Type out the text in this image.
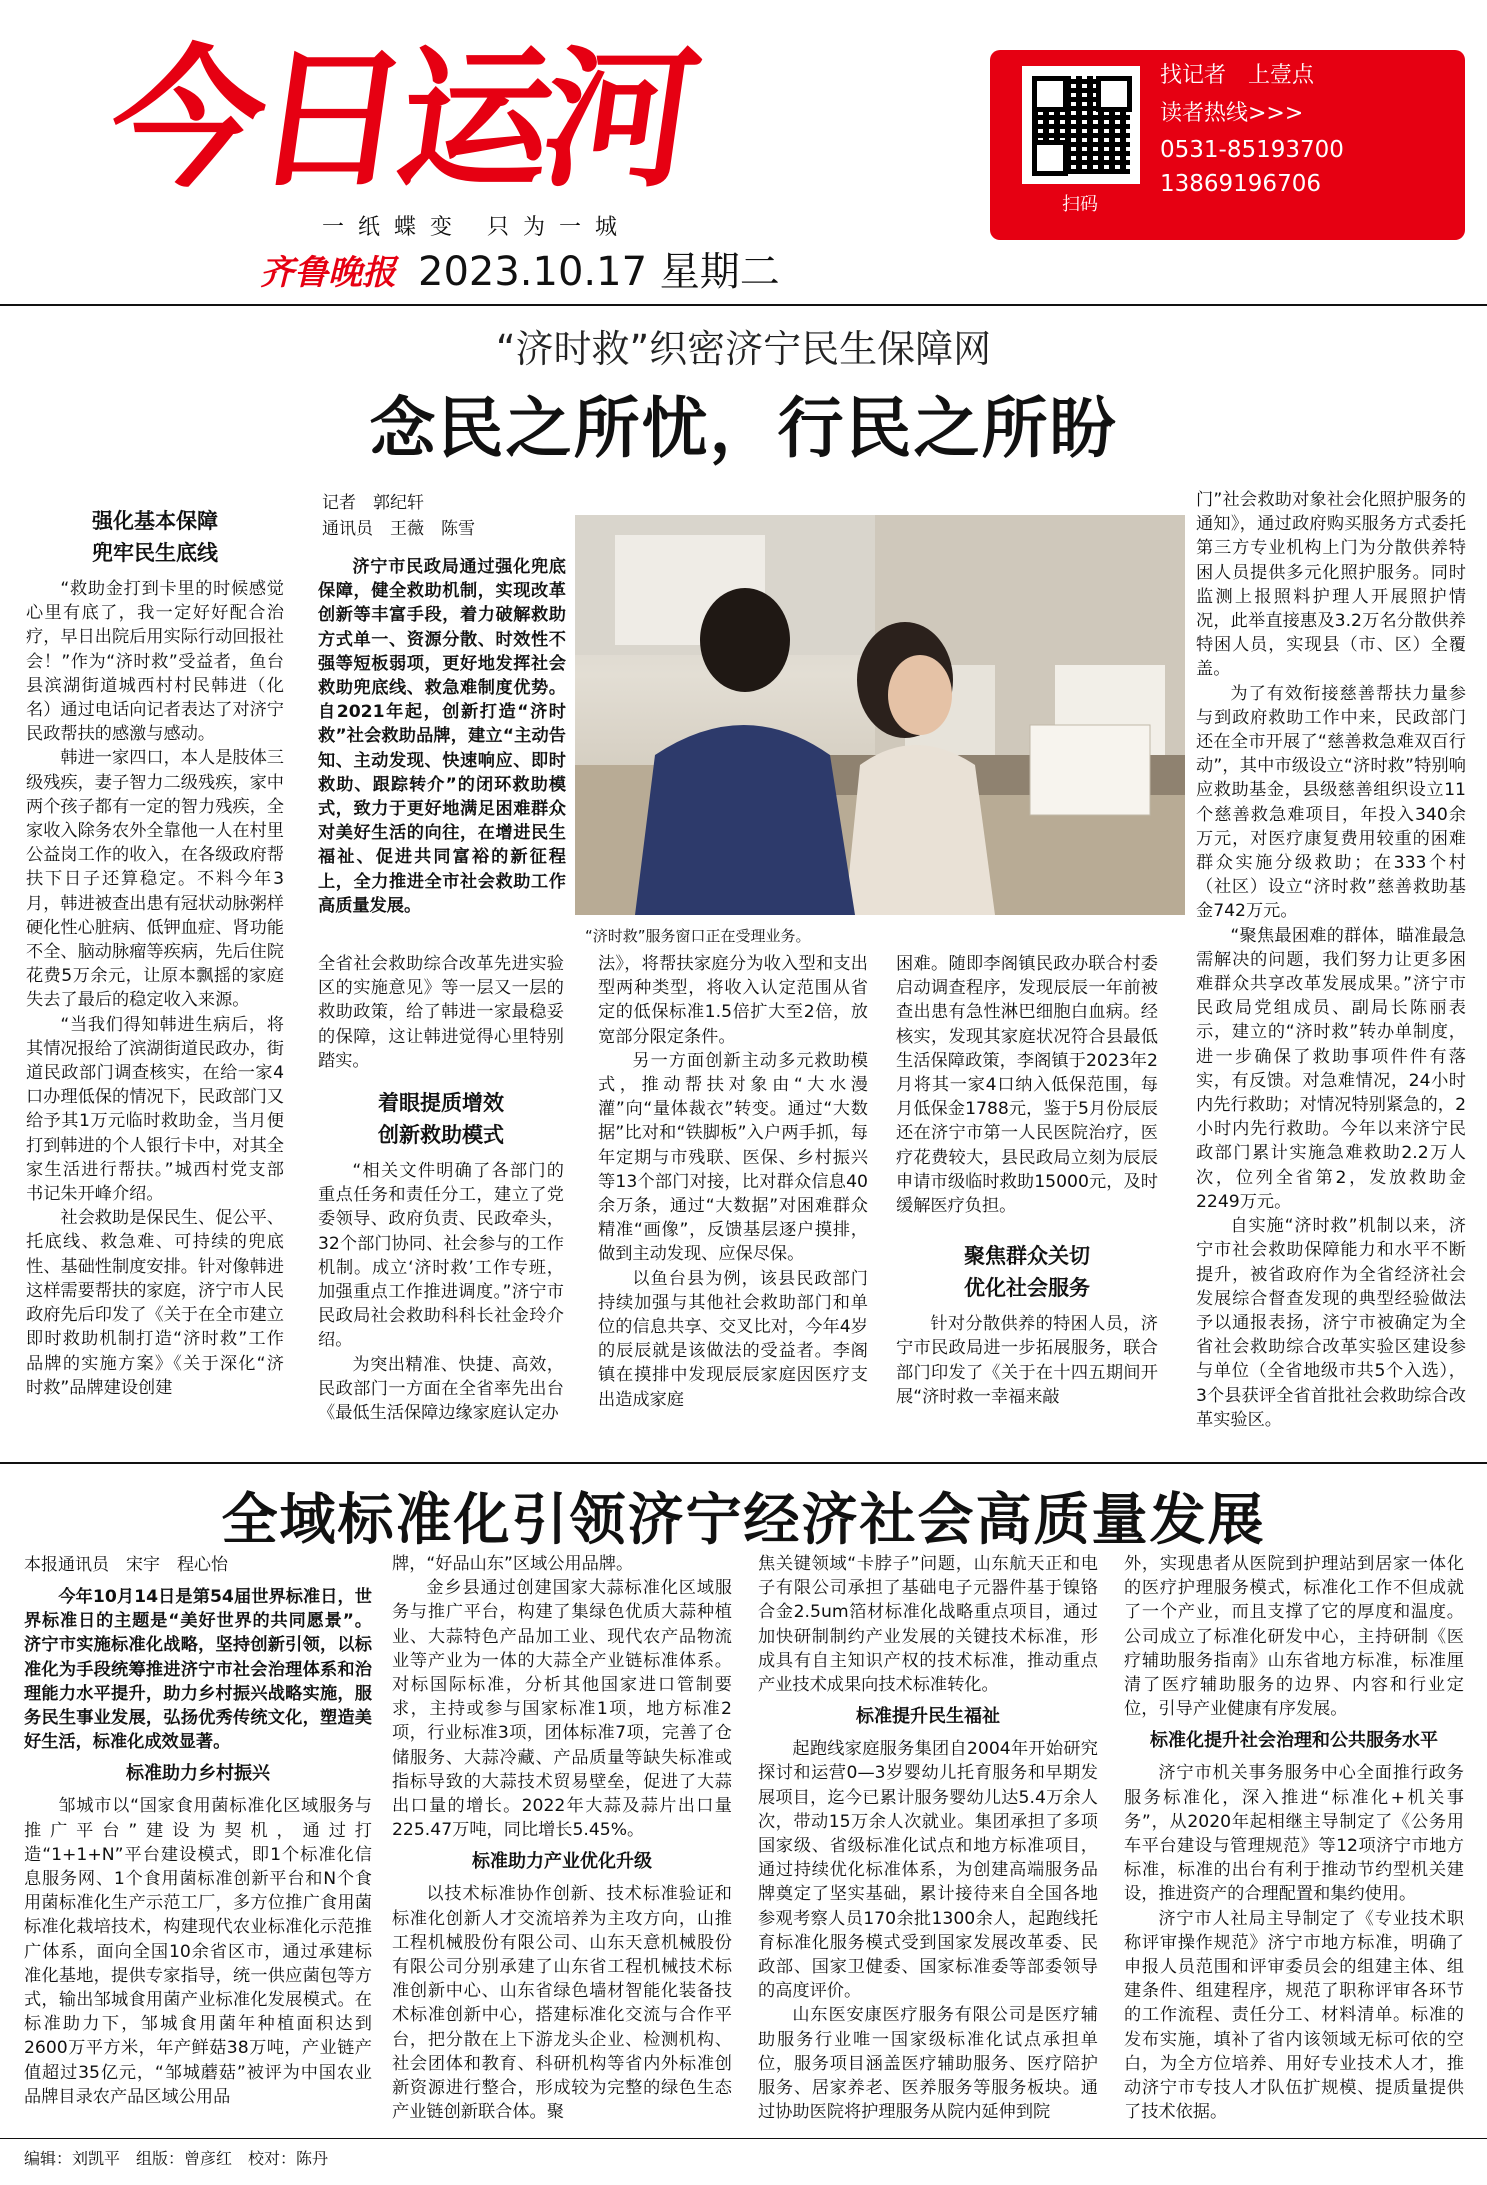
今日运河
一纸蝶变 只为一城
齐鲁晚报 2023.10.17 星期二
扫码
找记者　上壹点
读者热线>>>
0531-85193700
13869196706
“济时救”织密济宁民生保障网
念民之所忧，行民之所盼
强化基本保障
兜牢民生底线

“救助金打到卡里的时候感觉心里有底了，我一定好好配合治疗，早日出院后用实际行动回报社会！”作为“济时救”受益者，鱼台县滨湖街道城西村村民韩进（化名）通过电话向记者表达了对济宁民政帮扶的感激与感动。

韩进一家四口，本人是肢体三级残疾，妻子智力二级残疾，家中两个孩子都有一定的智力残疾，全家收入除务农外全靠他一人在村里公益岗工作的收入，在各级政府帮扶下日子还算稳定。不料今年3月，韩进被查出患有冠状动脉粥样硬化性心脏病、低钾血症、肾功能不全、脑动脉瘤等疾病，先后住院花费5万余元，让原本飘摇的家庭失去了最后的稳定收入来源。

“当我们得知韩进生病后，将其情况报给了滨湖街道民政办，街道民政部门调查核实，在给一家4口办理低保的情况下，民政部门又给予其1万元临时救助金，当月便打到韩进的个人银行卡中，对其全家生活进行帮扶。”城西村党支部书记朱开峰介绍。

社会救助是保民生、促公平、托底线、救急难、可持续的兜底性、基础性制度安排。针对像韩进这样需要帮扶的家庭，济宁市人民政府先后印发了《关于在全市建立即时救助机制打造“济时救”工作品牌的实施方案》《关于深化“济时救”品牌建设创建

记者　郭纪轩
通讯员　王薇　陈雪

济宁市民政局通过强化兜底保障，健全救助机制，实现改革创新等丰富手段，着力破解救助方式单一、资源分散、时效性不强等短板弱项，更好地发挥社会救助兜底线、救急难制度优势。自2021年起，创新打造“济时救”社会救助品牌，建立“主动告知、主动发现、快速响应、即时救助、跟踪转介”的闭环救助模式，致力于更好地满足困难群众对美好生活的向往，在增进民生福祉、促进共同富裕的新征程上，全力推进全市社会救助工作高质量发展。

“济时救”服务窗口正在受理业务。

全省社会救助综合改革先进实验区的实施意见》等一层又一层的救助政策，给了韩进一家最稳妥的保障，这让韩进觉得心里特别踏实。

着眼提质增效
创新救助模式

“相关文件明确了各部门的重点任务和责任分工，建立了党委领导、政府负责、民政牵头，32个部门协同、社会参与的工作机制。成立‘济时救’工作专班，加强重点工作推进调度。”济宁市民政局社会救助科科长社金玲介绍。

为突出精准、快捷、高效，民政部门一方面在全省率先出台《最低生活保障边缘家庭认定办

法》，将帮扶家庭分为收入型和支出型两种类型，将收入认定范围从省定的低保标准1.5倍扩大至2倍，放宽部分限定条件。

另一方面创新主动多元救助模式，推动帮扶对象由“大水漫灌”向“量体裁衣”转变。通过“大数据”比对和“铁脚板”入户两手抓，每年定期与市残联、医保、乡村振兴等13个部门对接，比对群众信息40余万条，通过“大数据”对困难群众精准“画像”，反馈基层逐户摸排，做到主动发现、应保尽保。

以鱼台县为例，该县民政部门持续加强与其他社会救助部门和单位的信息共享、交叉比对，今年4岁的辰辰就是该做法的受益者。李阁镇在摸排中发现辰辰家庭因医疗支出造成家庭

困难。随即李阁镇民政办联合村委启动调查程序，发现辰辰一年前被查出患有急性淋巴细胞白血病。经核实，发现其家庭状况符合县最低生活保障政策，李阁镇于2023年2月将其一家4口纳入低保范围，每月低保金1788元，鉴于5月份辰辰还在济宁市第一人民医院治疗，医疗花费较大，县民政局立刻为辰辰申请市级临时救助15000元，及时缓解医疗负担。

聚焦群众关切
优化社会服务

针对分散供养的特困人员，济宁市民政局进一步拓展服务，联合部门印发了《关于在十四五期间开展“济时救一幸福来敲

门”社会救助对象社会化照护服务的通知》，通过政府购买服务方式委托第三方专业机构上门为分散供养特困人员提供多元化照护服务。同时监测上报照料护理人开展照护情况，此举直接惠及3.2万名分散供养特困人员，实现县（市、区）全覆盖。

为了有效衔接慈善帮扶力量参与到政府救助工作中来，民政部门还在全市开展了“慈善救急难双百行动”，其中市级设立“济时救”特别响应救助基金，县级慈善组织设立11个慈善救急难项目，年投入340余万元，对医疗康复费用较重的困难群众实施分级救助；在333个村（社区）设立“济时救”慈善救助基金742万元。

“聚焦最困难的群体，瞄准最急需解决的问题，我们努力让更多困难群众共享改革发展成果。”济宁市民政局党组成员、副局长陈丽表示，建立的“济时救”转办单制度，进一步确保了救助事项件件有落实，有反馈。对急难情况，24小时内先行救助；对情况特别紧急的，2小时内先行救助。今年以来济宁民政部门累计实施急难救助2.2万人次，位列全省第2，发放救助金2249万元。

自实施“济时救”机制以来，济宁市社会救助保障能力和水平不断提升，被省政府作为全省经济社会发展综合督查发现的典型经验做法予以通报表扬，济宁市被确定为全省社会救助综合改革实验区建设参与单位（全省地级市共5个入选），3个县获评全省首批社会救助综合改革实验区。

全域标准化引领济宁经济社会高质量发展
本报通讯员　宋宇　程心怡

今年10月14日是第54届世界标准日，世界标准日的主题是“美好世界的共同愿景”。济宁市实施标准化战略，坚持创新引领，以标准化为手段统筹推进济宁市社会治理体系和治理能力水平提升，助力乡村振兴战略实施，服务民生事业发展，弘扬优秀传统文化，塑造美好生活，标准化成效显著。

标准助力乡村振兴

邹城市以“国家食用菌标准化区域服务与推广平台”建设为契机，通过打造“1+1+N”平台建设模式，即1个标准化信息服务网、1个食用菌标准创新平台和N个食用菌标准化生产示范工厂，多方位推广食用菌标准化栽培技术，构建现代农业标准化示范推广体系，面向全国10余省区市，通过承建标准化基地，提供专家指导，统一供应菌包等方式，输出邹城食用菌产业标准化发展模式。在标准助力下，邹城食用菌年种植面积达到2600万平方米，年产鲜菇38万吨，产业链产值超过35亿元，“邹城蘑菇”被评为中国农业品牌目录农产品区域公用品

牌，“好品山东”区域公用品牌。

金乡县通过创建国家大蒜标准化区域服务与推广平台，构建了集绿色优质大蒜种植业、大蒜特色产品加工业、现代农产品物流业等产业为一体的大蒜全产业链标准体系。对标国际标准，分析其他国家进口管制要求，主持或参与国家标准1项，地方标准2项，行业标准3项，团体标准7项，完善了仓储服务、大蒜冷藏、产品质量等缺失标准或指标导致的大蒜技术贸易壁垒，促进了大蒜出口量的增长。2022年大蒜及蒜片出口量225.47万吨，同比增长5.45%。

标准助力产业优化升级

以技术标准协作创新、技术标准验证和标准化创新人才交流培养为主攻方向，山推工程机械股份有限公司、山东天意机械股份有限公司分别承建了山东省工程机械技术标准创新中心、山东省绿色墙材智能化装备技术标准创新中心，搭建标准化交流与合作平台，把分散在上下游龙头企业、检测机构、社会团体和教育、科研机构等省内外标准创新资源进行整合，形成较为完整的绿色生态产业链创新联合体。聚

焦关键领域“卡脖子”问题，山东航天正和电子有限公司承担了基础电子元器件基于镍铬合金2.5um箔材标准化战略重点项目，通过加快研制制约产业发展的关键技术标准，形成具有自主知识产权的技术标准，推动重点产业技术成果向技术标准转化。

标准提升民生福祉

起跑线家庭服务集团自2004年开始研究探讨和运营0—3岁婴幼儿托育服务和早期发展项目，迄今已累计服务婴幼儿达5.4万余人次，带动15万余人次就业。集团承担了多项国家级、省级标准化试点和地方标准项目，通过持续优化标准体系，为创建高端服务品牌奠定了坚实基础，累计接待来自全国各地参观考察人员170余批1300余人，起跑线托育标准化服务模式受到国家发展改革委、民政部、国家卫健委、国家标准委等部委领导的高度评价。

山东医安康医疗服务有限公司是医疗辅助服务行业唯一国家级标准化试点承担单位，服务项目涵盖医疗辅助服务、医疗陪护服务、居家养老、医养服务等服务板块。通过协助医院将护理服务从院内延伸到院

外，实现患者从医院到护理站到居家一体化的医疗护理服务模式，标准化工作不但成就了一个产业，而且支撑了它的厚度和温度。公司成立了标准化研发中心，主持研制《医疗辅助服务指南》山东省地方标准，标准厘清了医疗辅助服务的边界、内容和行业定位，引导产业健康有序发展。

标准化提升社会治理和公共服务水平

济宁市机关事务服务中心全面推行政务服务标准化，深入推进“标准化+机关事务”，从2020年起相继主导制定了《公务用车平台建设与管理规范》等12项济宁市地方标准，标准的出台有利于推动节约型机关建设，推进资产的合理配置和集约使用。

济宁市人社局主导制定了《专业技术职称评审操作规范》济宁市地方标准，明确了申报人员范围和评审委员会的组建主体、组建条件、组建程序，规范了职称评审各环节的工作流程、责任分工、材料清单。标准的发布实施，填补了省内该领域无标可依的空白，为全方位培养、用好专业技术人才，推动济宁市专技人才队伍扩规模、提质量提供了技术依据。

编辑：刘凯平　组版：曾彦红　校对：陈丹
